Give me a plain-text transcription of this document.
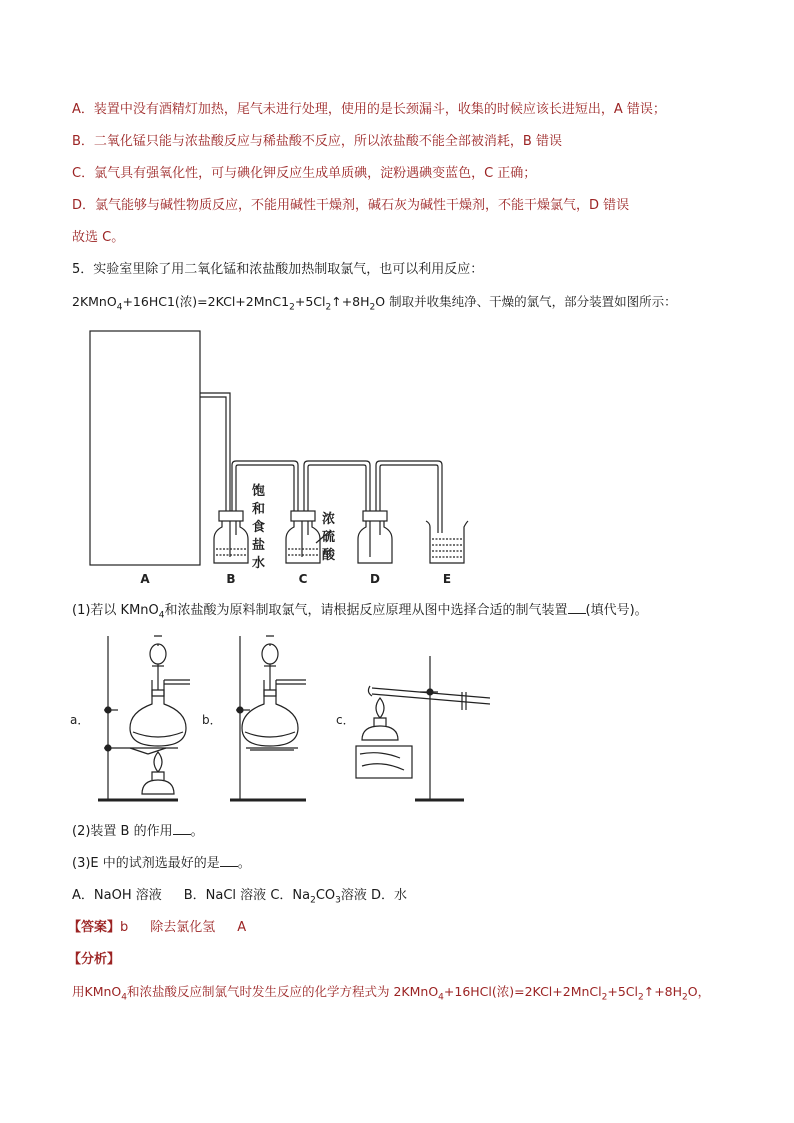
A．装置中没有酒精灯加热，尾气未进行处理，使用的是长颈漏斗，收集的时候应该长进短出，A 错误；
B．二氧化锰只能与浓盐酸反应与稀盐酸不反应，所以浓盐酸不能全部被消耗，B 错误
C．氯气具有强氧化性，可与碘化钾反应生成单质碘，淀粉遇碘变蓝色，C 正确；
D．氯气能够与碱性物质反应，不能用碱性干燥剂，碱石灰为碱性干燥剂，不能干燥氯气，D 错误
故选 C。
5．实验室里除了用二氧化锰和浓盐酸加热制取氯气，也可以利用反应：
2KMnO$_4$+16HC1(浓)$=2KCl+2MnC1_2+5Cl_2↑+8H_2O$ 制取并收集纯净、干燥的氯气，部分装置如图所示：
饱 和 食 盐 水
浓 硫 酸
A	B	C	D	E
(1)若以 KMnO$_4$和浓盐酸为原料制取氯气，请根据反应原理从图中选择合适的制气装置 (填代号)。
a．	b．	c．
(2)装置 B 的作用 。
(3)E 中的试剂选最好的是 。
A．NaOH 溶液 B．NaCl 溶液 C．$Na_2CO_3$溶液 D．水
【答案】b 除去氯化氢 A
【分析】
用KMnO$_4$和浓盐酸反应制氯气时发生反应的化学方程式为 2KMnO$_4$+16HCl(浓)$=2KCl+2MnCl_2+5Cl_2↑+8H_2O$，
